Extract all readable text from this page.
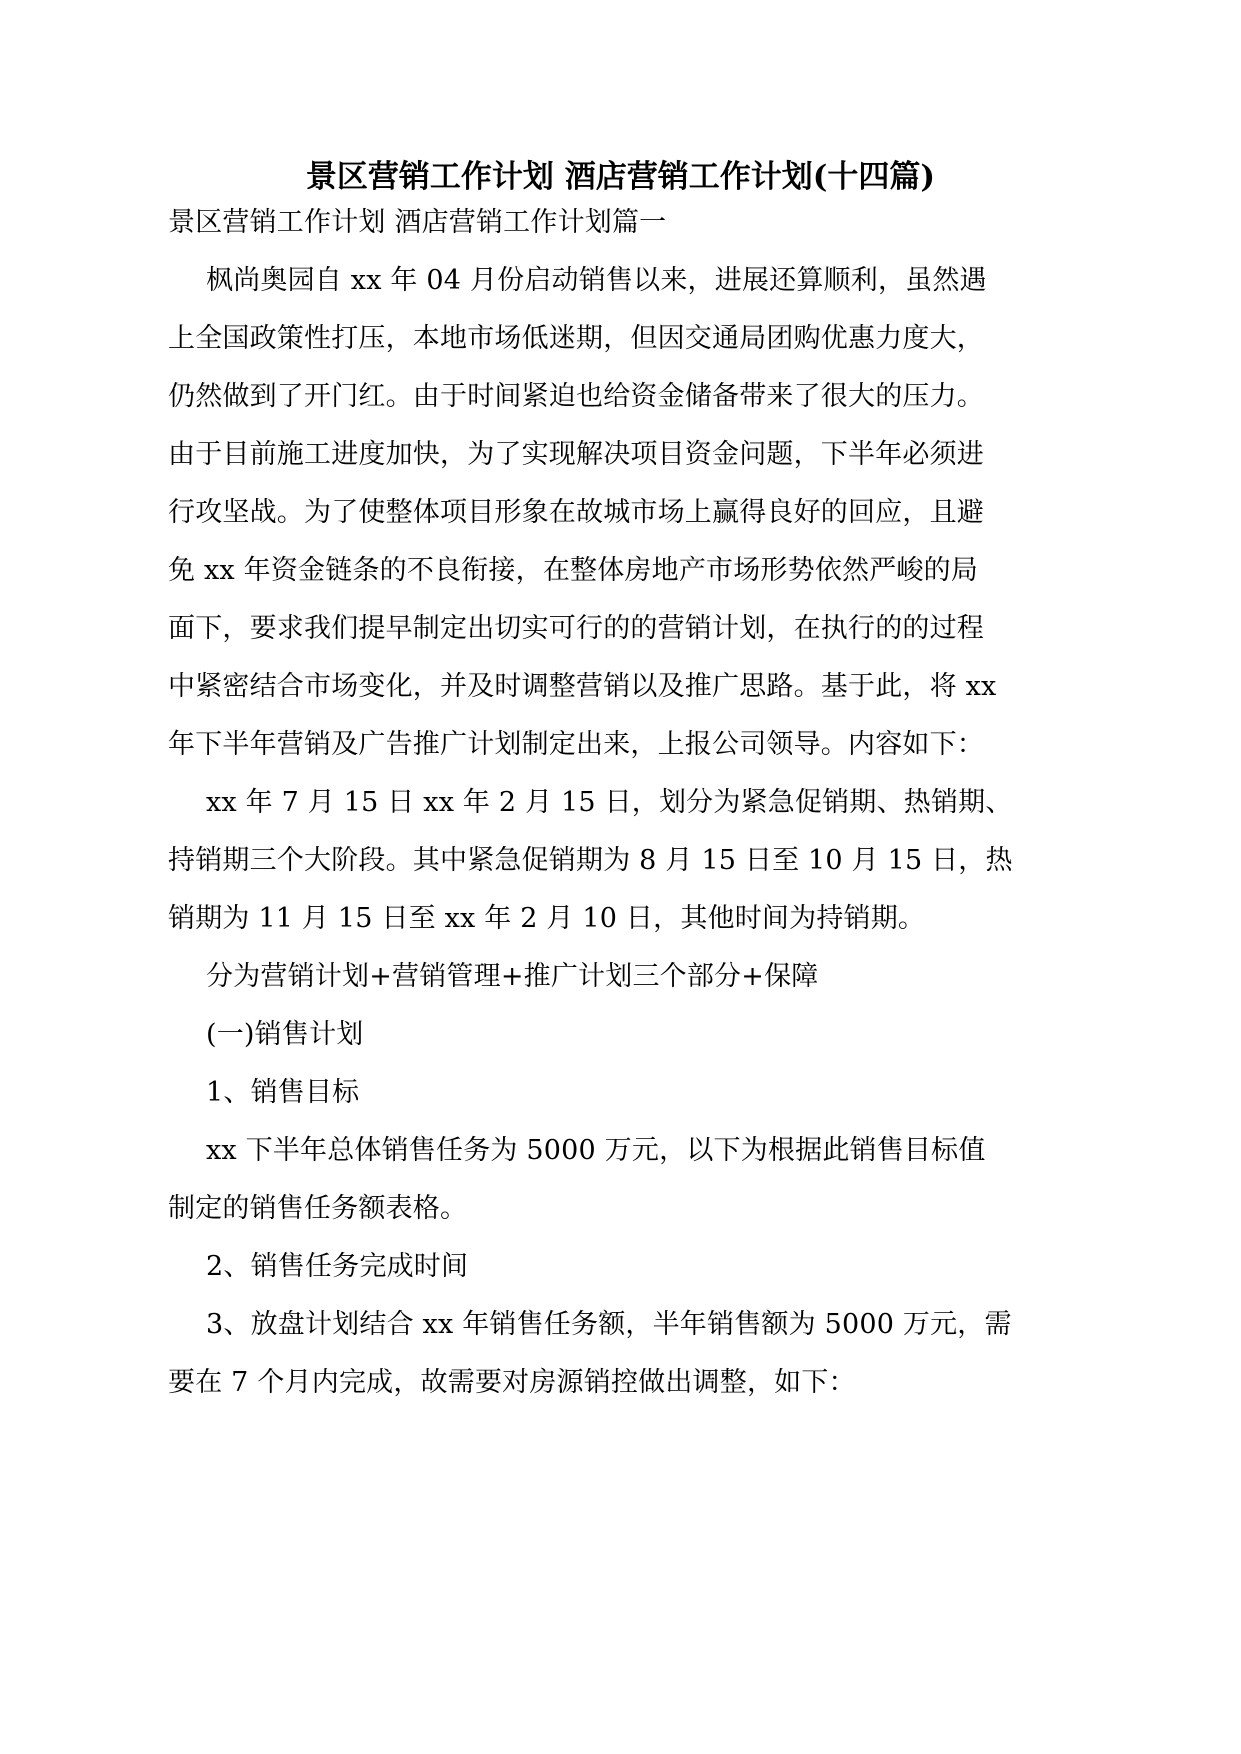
景区营销工作计划 酒店营销工作计划(十四篇)
景区营销工作计划 酒店营销工作计划篇一
枫尚奥园自 xx 年 04 月份启动销售以来，进展还算顺利，虽然遇
上全国政策性打压，本地市场低迷期，但因交通局团购优惠力度大，
仍然做到了开门红。由于时间紧迫也给资金储备带来了很大的压力。
由于目前施工进度加快，为了实现解决项目资金问题，下半年必须进
行攻坚战。为了使整体项目形象在故城市场上赢得良好的回应，且避
免 xx 年资金链条的不良衔接，在整体房地产市场形势依然严峻的局
面下，要求我们提早制定出切实可行的的营销计划，在执行的的过程
中紧密结合市场变化，并及时调整营销以及推广思路。基于此，将 xx
年下半年营销及广告推广计划制定出来，上报公司领导。内容如下：
xx 年 7 月 15 日 xx 年 2 月 15 日，划分为紧急促销期、热销期、
持销期三个大阶段。其中紧急促销期为 8 月 15 日至 10 月 15 日，热
销期为 11 月 15 日至 xx 年 2 月 10 日，其他时间为持销期。
分为营销计划+营销管理+推广计划三个部分+保障
(一)销售计划
1、销售目标
xx 下半年总体销售任务为 5000 万元，以下为根据此销售目标值
制定的销售任务额表格。
2、销售任务完成时间
3、放盘计划结合 xx 年销售任务额，半年销售额为 5000 万元，需
要在 7 个月内完成，故需要对房源销控做出调整，如下：
